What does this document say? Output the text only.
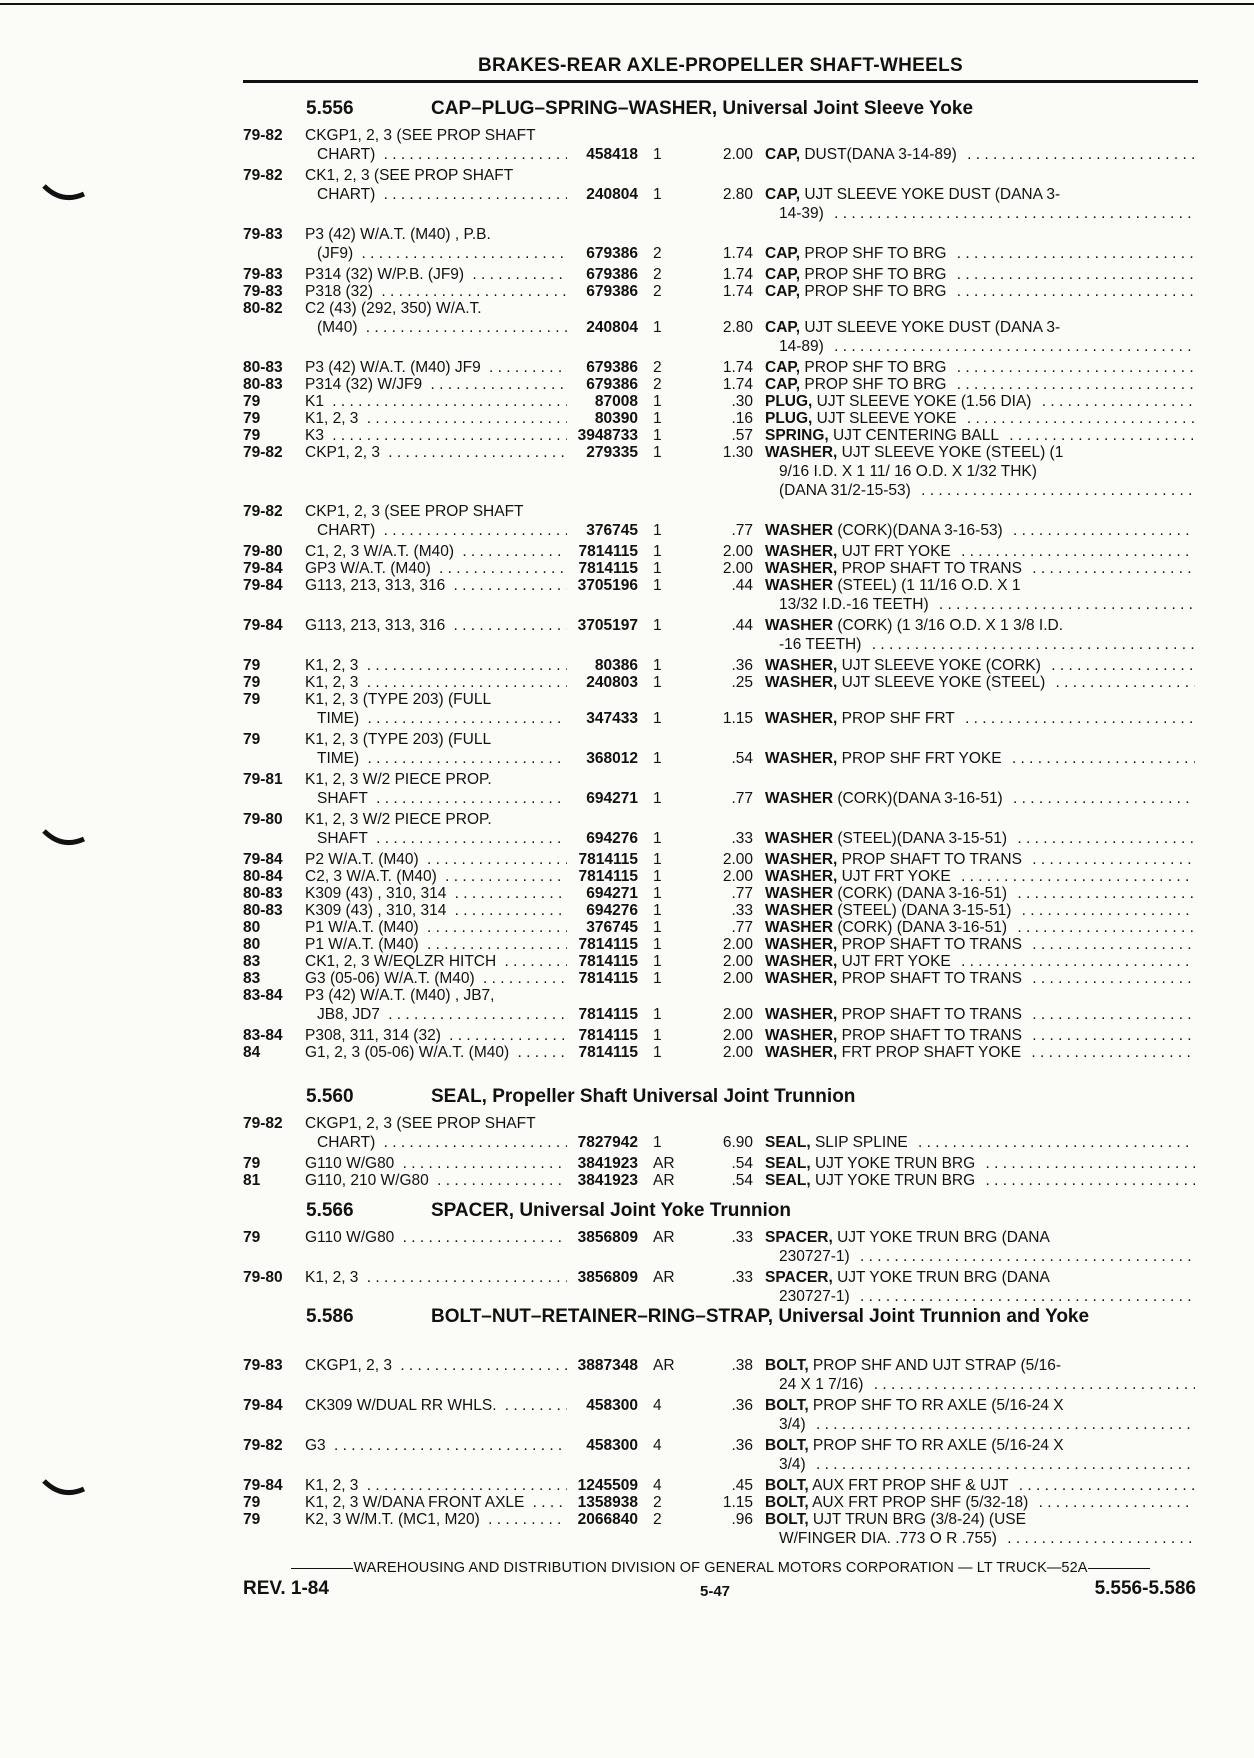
BRAKES-REAR AXLE-PROPELLER SHAFT-WHEELS
5.556	CAP–PLUG–SPRING–WASHER, Universal Joint Sleeve Yoke
79-82	CKGP1, 2, 3 (SEE PROP SHAFT
CHART) . . .	458418 1	2.00 CAP, DUST(DANA 3-14-89) . . .
79-82	CK1, 2, 3 (SEE PROP SHAFT
CHART) . . .	240804 1	2.80 CAP, UJT SLEEVE YOKE DUST (DANA 3-
14-39) . . .
79-83	P3 (42) W/A.T. (M40) , P.B.
(JF9) . . .	679386 2	1.74 CAP, PROP SHF TO BRG . . .
79-83	P314 (32) W/P.B. (JF9) . . .	679386 2	1.74 CAP, PROP SHF TO BRG . . .
79-83	P318 (32) . . .	679386 2	1.74 CAP, PROP SHF TO BRG . . .
80-82	C2 (43) (292, 350) W/A.T.
(M40) . . .	240804 1	2.80 CAP, UJT SLEEVE YOKE DUST (DANA 3-
14-89) . . .
80-83	P3 (42) W/A.T. (M40) JF9 . . .	679386 2	1.74 CAP, PROP SHF TO BRG . . .
80-83	P314 (32) W/JF9 . . .	679386 2	1.74 CAP, PROP SHF TO BRG . . .
79	K1 . . .	87008 1	.30 PLUG, UJT SLEEVE YOKE (1.56 DIA) . . .
79	K1, 2, 3 . . .	80390 1	.16 PLUG, UJT SLEEVE YOKE . . .
79	K3 . . .	3948733 1	.57 SPRING, UJT CENTERING BALL . . .
79-82	CKP1, 2, 3 . . .	279335 1	1.30 WASHER, UJT SLEEVE YOKE (STEEL) (1
9/16 I.D. X 1 11/ 16 O.D. X 1/32 THK)
(DANA 31/2-15-53) . . .
79-82	CKP1, 2, 3 (SEE PROP SHAFT
CHART) . . .	376745 1	.77 WASHER (CORK)(DANA 3-16-53) . . .
79-80	C1, 2, 3 W/A.T. (M40) . . .	7814115 1	2.00 WASHER, UJT FRT YOKE . . .
79-84	GP3 W/A.T. (M40) . . .	7814115 1	2.00 WASHER, PROP SHAFT TO TRANS . . .
79-84	G113, 213, 313, 316 . . .	3705196 1	.44 WASHER (STEEL) (1 11/16 O.D. X 1
13/32 I.D.-16 TEETH) . . .
79-84	G113, 213, 313, 316 . . .	3705197 1	.44 WASHER (CORK) (1 3/16 O.D. X 1 3/8 I.D.
-16 TEETH) . . .
79	K1, 2, 3 . . .	80386 1	.36 WASHER, UJT SLEEVE YOKE (CORK) . . .
79	K1, 2, 3 . . .	240803 1	.25 WASHER, UJT SLEEVE YOKE (STEEL) . . .
79	K1, 2, 3 (TYPE 203) (FULL
TIME) . . .	347433 1	1.15 WASHER, PROP SHF FRT . . .
79	K1, 2, 3 (TYPE 203) (FULL
TIME) . . .	368012 1	.54 WASHER, PROP SHF FRT YOKE . . .
79-81	K1, 2, 3 W/2 PIECE PROP.
SHAFT . . .	694271 1	.77 WASHER (CORK)(DANA 3-16-51) . . .
79-80	K1, 2, 3 W/2 PIECE PROP.
SHAFT . . .	694276 1	.33 WASHER (STEEL)(DANA 3-15-51) . . .
79-84	P2 W/A.T. (M40) . . .	7814115 1	2.00 WASHER, PROP SHAFT TO TRANS . . .
80-84	C2, 3 W/A.T. (M40) . . .	7814115 1	2.00 WASHER, UJT FRT YOKE . . .
80-83	K309 (43) , 310, 314 . . .	694271 1	.77 WASHER (CORK) (DANA 3-16-51) . . .
80-83	K309 (43) , 310, 314 . . .	694276 1	.33 WASHER (STEEL) (DANA 3-15-51) . . .
80	P1 W/A.T. (M40) . . .	376745 1	.77 WASHER (CORK) (DANA 3-16-51) . . .
80	P1 W/A.T. (M40) . . .	7814115 1	2.00 WASHER, PROP SHAFT TO TRANS . . .
83	CK1, 2, 3 W/EQLZR HITCH . . .	7814115 1	2.00 WASHER, UJT FRT YOKE . . .
83	G3 (05-06) W/A.T. (M40) . . .	7814115 1	2.00 WASHER, PROP SHAFT TO TRANS . . .
83-84	P3 (42) W/A.T. (M40) , JB7,
JB8, JD7 . . .	7814115 1	2.00 WASHER, PROP SHAFT TO TRANS . . .
83-84	P308, 311, 314 (32) . . .	7814115 1	2.00 WASHER, PROP SHAFT TO TRANS . . .
84	G1, 2, 3 (05-06) W/A.T. (M40) . . .	7814115 1	2.00 WASHER, FRT PROP SHAFT YOKE . . .
5.560	SEAL, Propeller Shaft Universal Joint Trunnion
79-82	CKGP1, 2, 3 (SEE PROP SHAFT
CHART) . . .	7827942 1	6.90 SEAL, SLIP SPLINE . . .
79	G110 W/G80 . . .	3841923 AR	.54 SEAL, UJT YOKE TRUN BRG . . .
81	G110, 210 W/G80 . . .	3841923 AR	.54 SEAL, UJT YOKE TRUN BRG . . .
5.566	SPACER, Universal Joint Yoke Trunnion
79	G110 W/G80 . . .	3856809 AR	.33 SPACER, UJT YOKE TRUN BRG (DANA
230727-1) . . .
79-80	K1, 2, 3 . . .	3856809 AR	.33 SPACER, UJT YOKE TRUN BRG (DANA
230727-1) . . .
5.586	BOLT–NUT–RETAINER–RING–STRAP, Universal Joint Trunnion and Yoke
79-83	CKGP1, 2, 3 . . .	3887348 AR	.38 BOLT, PROP SHF AND UJT STRAP (5/16-
24 X 1 7/16) . . .
79-84	CK309 W/DUAL RR WHLS. . . .	458300 4	.36 BOLT, PROP SHF TO RR AXLE (5/16-24 X
3/4) . . .
79-82	G3 . . .	458300 4	.36 BOLT, PROP SHF TO RR AXLE (5/16-24 X
3/4) . . .
79-84	K1, 2, 3 . . .	1245509 4	.45 BOLT, AUX FRT PROP SHF & UJT . . .
79	K1, 2, 3 W/DANA FRONT AXLE . . .	1358938 2	1.15 BOLT, AUX FRT PROP SHF (5/32-18) . . .
79	K2, 3 W/M.T. (MC1, M20) . . .	2066840 2	.96 BOLT, UJT TRUN BRG (3/8-24) (USE
W/FINGER DIA. .773 O R .755) . . .
WAREHOUSING AND DISTRIBUTION DIVISION OF GENERAL MOTORS CORPORATION — LT TRUCK—52A
REV. 1-84	5-47	5.556-5.586
